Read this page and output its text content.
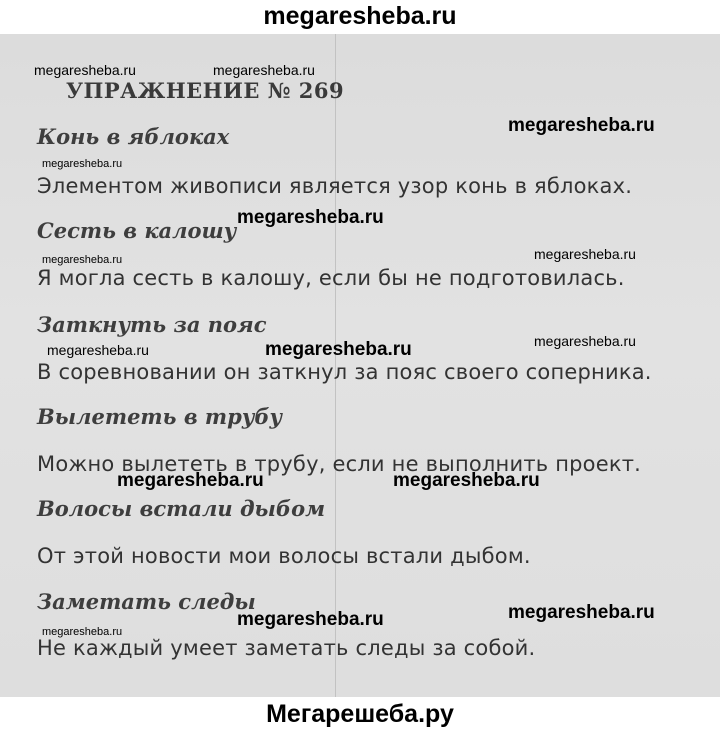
megaresheba.ru
УПРАЖНЕНИЕ № 269
Конь в яблоках
Элементом живописи является узор конь в яблоках.
Сесть в калошу
Я могла сесть в калошу, если бы не подготовилась.
Заткнуть за пояс
В соревновании он заткнул за пояс своего соперника.
Вылететь в трубу
Можно вылететь в трубу, если не выполнить проект.
Волосы встали дыбом
От этой новости мои волосы встали дыбом.
Заметать следы
Не каждый умеет заметать следы за собой.
megaresheba.ru	megaresheba.ru
megaresheba.ru
megaresheba.ru
megaresheba.ru
megaresheba.ru
megaresheba.ru
megaresheba.ru
megaresheba.ru	megaresheba.ru
megaresheba.ru	megaresheba.ru
megaresheba.ru
megaresheba.ru
megaresheba.ru
Мегарешеба.ру
